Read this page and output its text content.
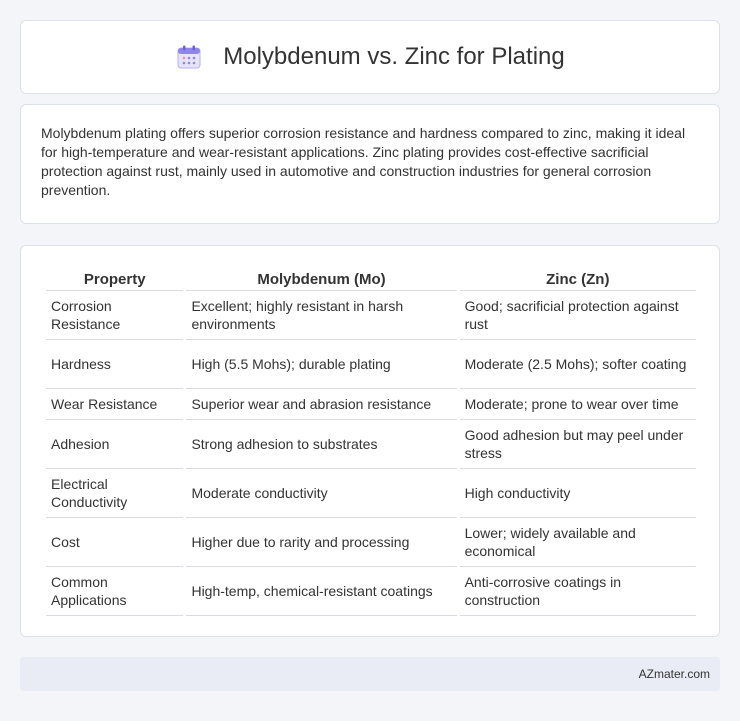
Molybdenum vs. Zinc for Plating

Molybdenum plating offers superior corrosion resistance and hardness compared to zinc, making it ideal for high-temperature and wear-resistant applications. Zinc plating provides cost-effective sacrificial protection against rust, mainly used in automotive and construction industries for general corrosion prevention.

Property	Molybdenum (Mo)	Zinc (Zn)
Corrosion Resistance	Excellent; highly resistant in harsh environments	Good; sacrificial protection against rust
Hardness	High (5.5 Mohs); durable plating	Moderate (2.5 Mohs); softer coating
Wear Resistance	Superior wear and abrasion resistance	Moderate; prone to wear over time
Adhesion	Strong adhesion to substrates	Good adhesion but may peel under stress
Electrical Conductivity	Moderate conductivity	High conductivity
Cost	Higher due to rarity and processing	Lower; widely available and economical
Common Applications	High-temp, chemical-resistant coatings	Anti-corrosive coatings in construction
AZmater.com
